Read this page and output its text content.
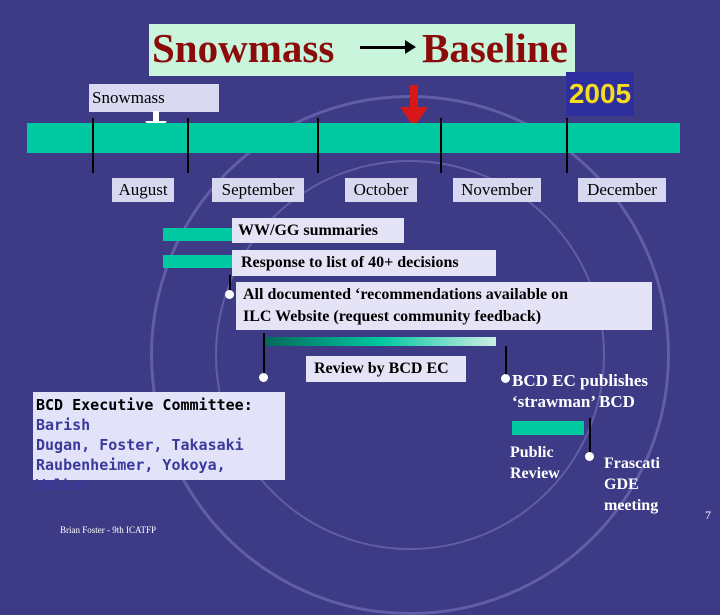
Snowmass Baseline
Snowmass	2005
August	September	October	November	December
WW/GG summaries
Response to list of 40+ decisions
All documented ‘recommendations available on
ILC Website (request community feedback)
Review by BCD EC
BCD EC publishes
‘strawman’ BCD
BCD Executive Committee:
Barish
Dugan, Foster, Takasaki
Raubenheimer, Yokoya, Walker
Public
Review
Frascati
GDE
meeting
Brian Foster - 9th ICATFP
7
